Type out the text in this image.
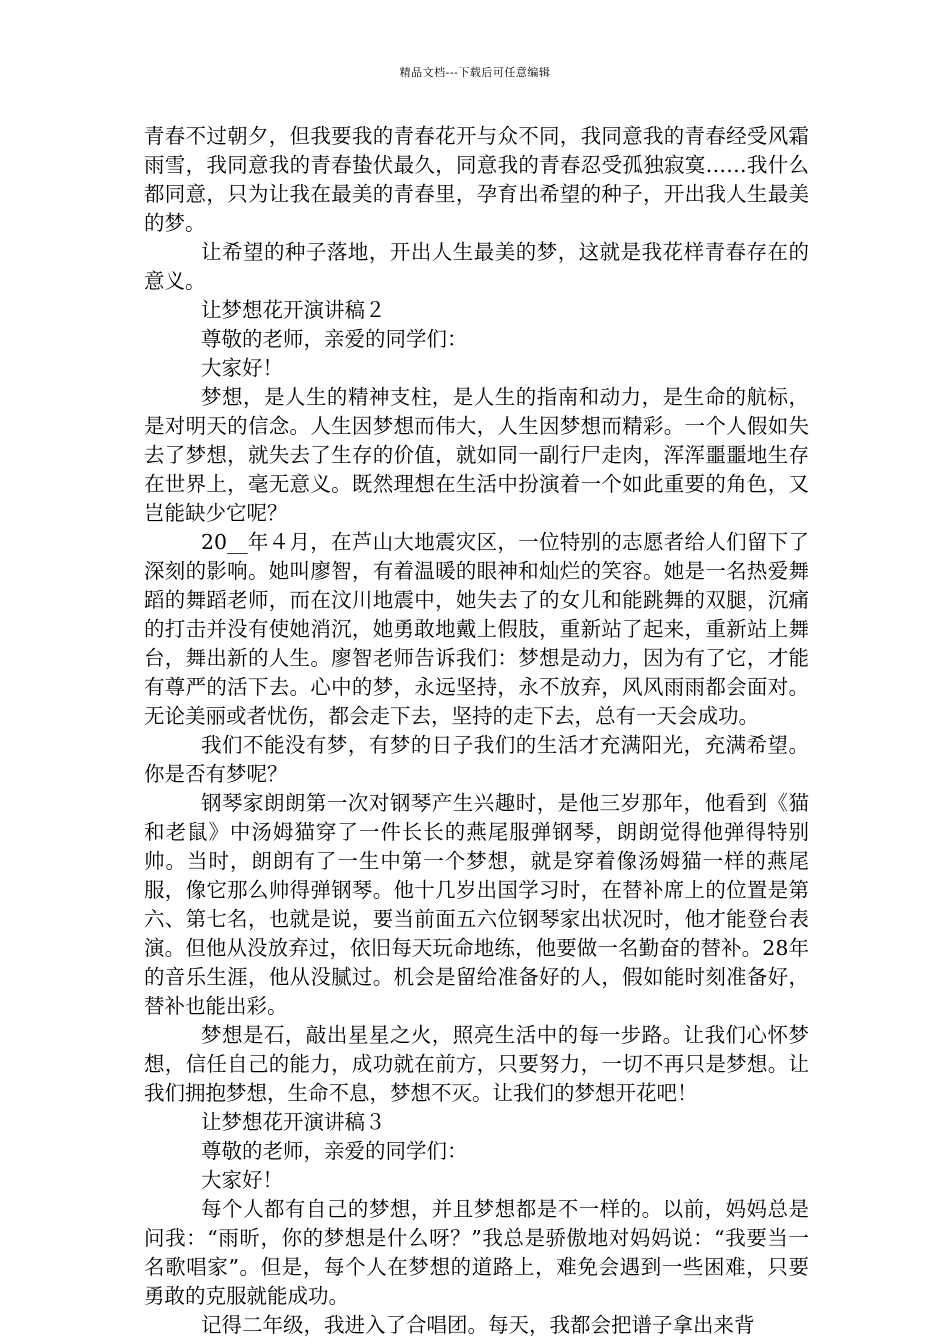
精品文档---下载后可任意编辑

青春不过朝夕，但我要我的青春花开与众不同，我同意我的青春经受风霜雨雪，我同意我的青春蛰伏最久，同意我的青春忍受孤独寂寞……我什么都同意，只为让我在最美的青春里，孕育出希望的种子，开出我人生最美的梦。

让希望的种子落地，开出人生最美的梦，这就是我花样青春存在的意义。

让梦想花开演讲稿２

尊敬的老师，亲爱的同学们：

大家好！

梦想，是人生的精神支柱，是人生的指南和动力，是生命的航标，是对明天的信念。人生因梦想而伟大，人生因梦想而精彩。一个人假如失去了梦想，就失去了生存的价值，就如同一副行尸走肉，浑浑噩噩地生存在世界上，毫无意义。既然理想在生活中扮演着一个如此重要的角色，又岂能缺少它呢？

20__年４月，在芦山大地震灾区，一位特别的志愿者给人们留下了深刻的影响。她叫廖智，有着温暖的眼神和灿烂的笑容。她是一名热爱舞蹈的舞蹈老师，而在汶川地震中，她失去了的女儿和能跳舞的双腿，沉痛的打击并没有使她消沉，她勇敢地戴上假肢，重新站了起来，重新站上舞台，舞出新的人生。廖智老师告诉我们：梦想是动力，因为有了它，才能有尊严的活下去。心中的梦，永远坚持，永不放弃，风风雨雨都会面对。无论美丽或者忧伤，都会走下去，坚持的走下去，总有一天会成功。

我们不能没有梦，有梦的日子我们的生活才充满阳光，充满希望。你是否有梦呢？

钢琴家朗朗第一次对钢琴产生兴趣时，是他三岁那年，他看到《猫和老鼠》中汤姆猫穿了一件长长的燕尾服弹钢琴，朗朗觉得他弹得特别帅。当时，朗朗有了一生中第一个梦想，就是穿着像汤姆猫一样的燕尾服，像它那么帅得弹钢琴。他十几岁出国学习时，在替补席上的位置是第六、第七名，也就是说，要当前面五六位钢琴家出状况时，他才能登台表演。但他从没放弃过，依旧每天玩命地练，他要做一名勤奋的替补。28年的音乐生涯，他从没腻过。机会是留给准备好的人，假如能时刻准备好，替补也能出彩。

梦想是石，敲出星星之火，照亮生活中的每一步路。让我们心怀梦想，信任自己的能力，成功就在前方，只要努力，一切不再只是梦想。让我们拥抱梦想，生命不息，梦想不灭。让我们的梦想开花吧！

让梦想花开演讲稿３

尊敬的老师，亲爱的同学们：

大家好！

每个人都有自己的梦想，并且梦想都是不一样的。以前，妈妈总是问我：“雨昕，你的梦想是什么呀？”我总是骄傲地对妈妈说：“我要当一名歌唱家”。但是，每个人在梦想的道路上，难免会遇到一些困难，只要勇敢的克服就能成功。

记得二年级，我进入了合唱团。每天，我都会把谱子拿出来背
